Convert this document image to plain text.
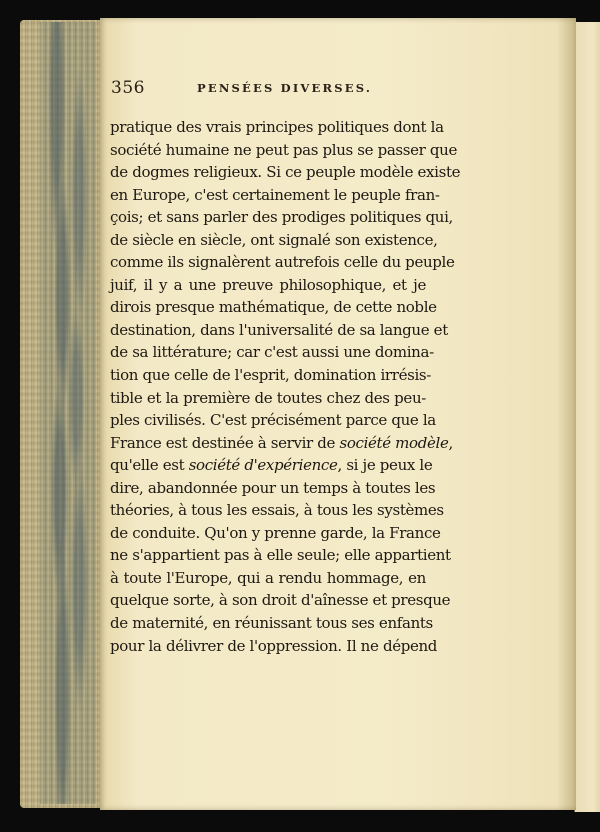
356	PENSÉES DIVERSES.
pratique des vrais principes politiques dont la
société humaine ne peut pas plus se passer que
de dogmes religieux. Si ce peuple modèle existe
en Europe, c'est certainement le peuple fran-
çois; et sans parler des prodiges politiques qui,
de siècle en siècle, ont signalé son existence,
comme ils signalèrent autrefois celle du peuple
juif, il y a une preuve philosophique, et je
dirois presque mathématique, de cette noble
destination, dans l'universalité de sa langue et
de sa littérature; car c'est aussi une domina-
tion que celle de l'esprit, domination irrésis-
tible et la première de toutes chez des peu-
ples civilisés. C'est précisément parce que la
France est destinée à servir de société modèle,
qu'elle est société d'expérience, si je peux le
dire, abandonnée pour un temps à toutes les
théories, à tous les essais, à tous les systèmes
de conduite. Qu'on y prenne garde, la France
ne s'appartient pas à elle seule; elle appartient
à toute l'Europe, qui a rendu hommage, en
quelque sorte, à son droit d'aînesse et presque
de maternité, en réunissant tous ses enfants
pour la délivrer de l'oppression. Il ne dépend
